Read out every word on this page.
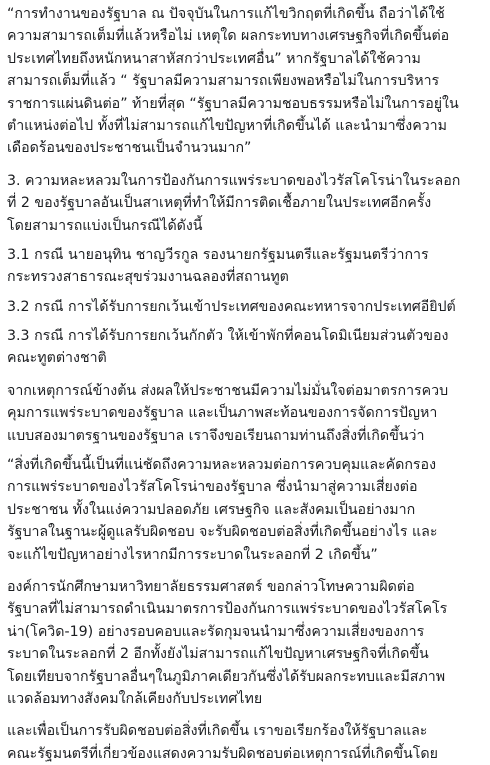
“การทำงานของรัฐบาล ณ ปัจจุบันในการแก้ไขวิกฤตที่เกิดขึ้น ถือว่าได้ใช้
ความสามารถเต็มที่แล้วหรือไม่ เหตุใด ผลกระทบทางเศรษฐกิจที่เกิดขึ้นต่อ
ประเทศไทยถึงหนักหนาสาหัสกว่าประเทศอื่น” หากรัฐบาลได้ใช้ความ
สามารถเต็มที่แล้ว “ รัฐบาลมีความสามารถเพียงพอหรือไม่ในการบริหาร
ราชการแผ่นดินต่อ” ท้ายที่สุด “รัฐบาลมีความชอบธรรมหรือไม่ในการอยู่ใน
ตำแหน่งต่อไป ทั้งที่ไม่สามารถแก้ไขปัญหาที่เกิดขึ้นได้ และนำมาซึ่งความ
เดือดร้อนของประชาชนเป็นจำนวนมาก”

3. ความหละหลวมในการป้องกันการแพร่ระบาดของไวรัสโคโรน่าในระลอก
ที่ 2 ของรัฐบาลอันเป็นสาเหตุที่ทำให้มีการติดเชื้อภายในประเทศอีกครั้ง
โดยสามารถแบ่งเป็นกรณีได้ดังนี้

3.1 กรณี นายอนุทิน ชาญวีรกูล รองนายกรัฐมนตรีและรัฐมนตรีว่าการ
กระทรวงสาธารณะสุขร่วมงานฉลองที่สถานทูต

3.2 กรณี การได้รับการยกเว้นเข้าประเทศของคณะทหารจากประเทศอียิปต์

3.3 กรณี การได้รับการยกเว้นกักตัว ให้เข้าพักที่คอนโดมิเนียมส่วนตัวของ
คณะทูตต่างชาติ

จากเหตุการณ์ข้างต้น ส่งผลให้ประชาชนมีความไม่มั่นใจต่อมาตรการควบ
คุมการแพร่ระบาดของรัฐบาล และเป็นภาพสะท้อนของการจัดการปัญหา
แบบสองมาตรฐานของรัฐบาล เราจึงขอเรียนถามท่านถึงสิ่งที่เกิดขึ้นว่า

“สิ่งที่เกิดขึ้นนี้เป็นที่แน่ชัดถึงความหละหลวมต่อการควบคุมและคัดกรอง
การแพร่ระบาดของไวรัสโคโรน่าของรัฐบาล ซึ่งนำมาสู่ความเสี่ยงต่อ
ประชาชน ทั้งในแง่ความปลอดภัย เศรษฐกิจ และสังคมเป็นอย่างมาก
รัฐบาลในฐานะผู้ดูแลรับผิดชอบ จะรับผิดชอบต่อสิ่งที่เกิดขึ้นอย่างไร และ
จะแก้ไขปัญหาอย่างไรหากมีการระบาดในระลอกที่ 2 เกิดขึ้น”

องค์การนักศึกษามหาวิทยาลัยธรรมศาสตร์ ขอกล่าวโทษความผิดต่อ
รัฐบาลที่ไม่สามารถดำเนินมาตรการป้องกันการแพร่ระบาดของไวรัสโคโร
น่า(โควิด-19) อย่างรอบคอบและรัดกุมจนนำมาซึ่งความเสี่ยงของการ
ระบาดในระลอกที่ 2 อีกทั้งยังไม่สามารถแก้ไขปัญหาเศรษฐกิจที่เกิดขึ้น
โดยเทียบจากรัฐบาลอื่นๆในภูมิภาคเดียวกันซึ่งได้รับผลกระทบและมีสภาพ
แวดล้อมทางสังคมใกล้เคียงกับประเทศไทย

และเพื่อเป็นการรับผิดชอบต่อสิ่งที่เกิดขึ้น เราขอเรียกร้องให้รัฐบาลและ
คณะรัฐมนตรีที่เกี่ยวข้องแสดงความรับผิดชอบต่อเหตุการณ์ที่เกิดขึ้นโดย
